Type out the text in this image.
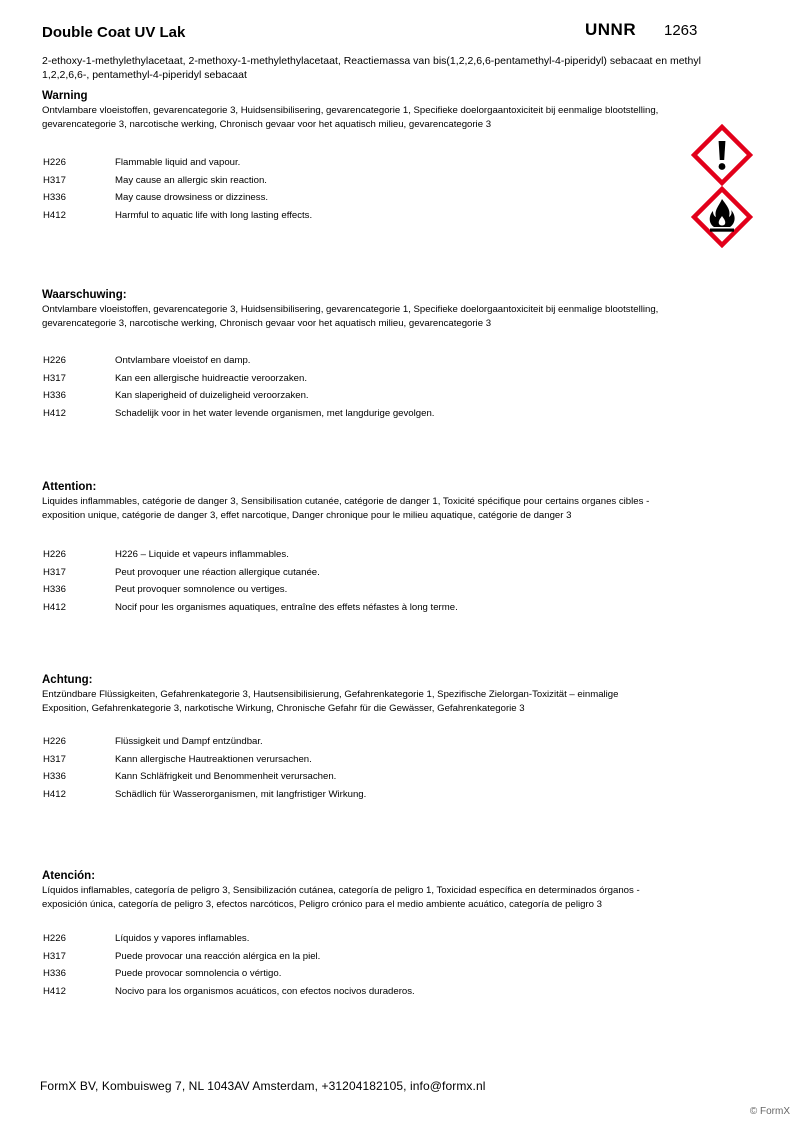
Double Coat UV Lak	UNNR 1263
2-ethoxy-1-methylethylacetaat, 2-methoxy-1-methylethylacetaat, Reactiemassa van bis(1,2,2,6,6-pentamethyl-4-piperidyl) sebacaat en methyl 1,2,2,6,6-, pentamethyl-4-piperidyl sebacaat
Warning
Ontvlambare vloeistoffen, gevarencategorie 3, Huidsensibilisering, gevarencategorie 1, Specifieke doelorgaantoxiciteit bij eenmalige blootstelling, gevarencategorie 3, narcotische werking, Chronisch gevaar voor het aquatisch milieu, gevarencategorie 3
H226	Flammable liquid and vapour.
H317	May cause an allergic skin reaction.
H336	May cause drowsiness or dizziness.
H412	Harmful to aquatic life with long lasting effects.
Waarschuwing:
Ontvlambare vloeistoffen, gevarencategorie 3, Huidsensibilisering, gevarencategorie 1, Specifieke doelorgaantoxiciteit bij eenmalige blootstelling, gevarencategorie 3, narcotische werking, Chronisch gevaar voor het aquatisch milieu, gevarencategorie 3
H226	Ontvlambare vloeistof en damp.
H317	Kan een allergische huidreactie veroorzaken.
H336	Kan slaperigheid of duizeligheid veroorzaken.
H412	Schadelijk voor in het water levende organismen, met langdurige gevolgen.
Attention:
Liquides inflammables, catégorie de danger 3, Sensibilisation cutanée, catégorie de danger 1, Toxicité spécifique pour certains organes cibles - exposition unique, catégorie de danger 3, effet narcotique, Danger chronique pour le milieu aquatique, catégorie de danger 3
H226	H226 – Liquide et vapeurs inflammables.
H317	Peut provoquer une réaction allergique cutanée.
H336	Peut provoquer somnolence ou vertiges.
H412	Nocif pour les organismes aquatiques, entraîne des effets néfastes à long terme.
Achtung:
Entzündbare Flüssigkeiten, Gefahrenkategorie 3, Hautsensibilisierung, Gefahrenkategorie 1, Spezifische Zielorgan-Toxizität – einmalige Exposition, Gefahrenkategorie 3, narkotische Wirkung, Chronische Gefahr für die Gewässer, Gefahrenkategorie 3
H226	Flüssigkeit und Dampf entzündbar.
H317	Kann allergische Hautreaktionen verursachen.
H336	Kann Schläfrigkeit und Benommenheit verursachen.
H412	Schädlich für Wasserorganismen, mit langfristiger Wirkung.
Atención:
Líquidos inflamables, categoría de peligro 3, Sensibilización cutánea, categoría de peligro 1, Toxicidad específica en determinados órganos - exposición única, categoría de peligro 3, efectos narcóticos, Peligro crónico para el medio ambiente acuático, categoría de peligro 3
H226	Líquidos y vapores inflamables.
H317	Puede provocar una reacción alérgica en la piel.
H336	Puede provocar somnolencia o vértigo.
H412	Nocivo para los organismos acuáticos, con efectos nocivos duraderos.
FormX BV, Kombuisweg 7, NL 1043AV Amsterdam, +31204182105, info@formx.nl
© FormX
